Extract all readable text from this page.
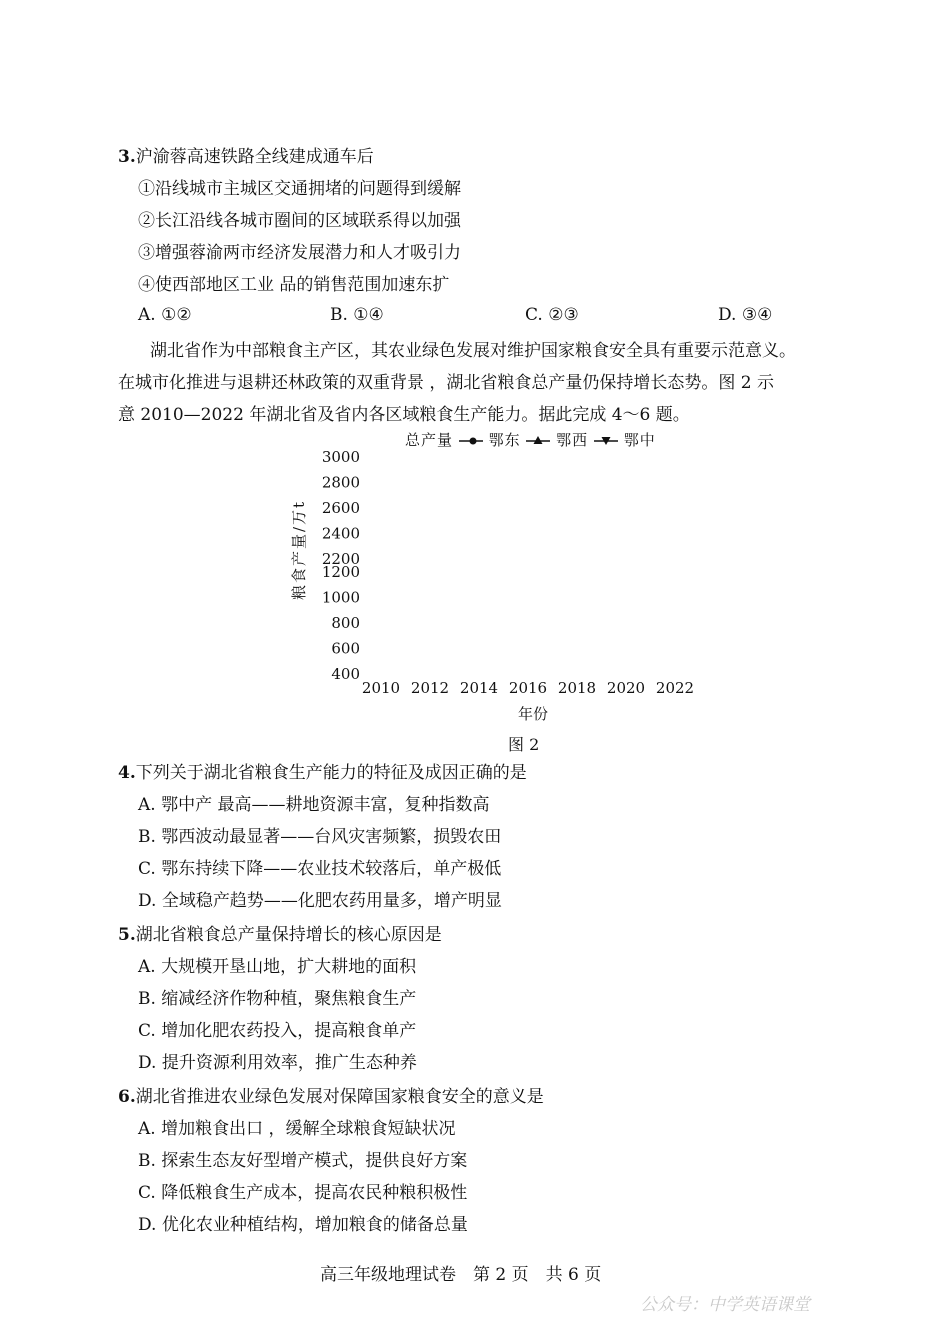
3.沪渝蓉高速铁路全线建成通车后
①沿线城市主城区交通拥堵的问题得到缓解
②长江沿线各城市圈间的区域联系得以加强
③增强蓉渝两市经济发展潜力和人才吸引力
④使西部地区工业 品的销售范围加速东扩
A. ①②	B. ①④	C. ②③	D. ③④
湖北省作为中部粮食主产区，其农业绿色发展对维护国家粮食安全具有重要示范意义。
在城市化推进与退耕还林政策的双重背景 ，湖北省粮食总产量仍保持增长态势。图 2 示
意 2010—2022 年湖北省及省内各区域粮食生产能力。据此完成 4～6 题。
总产量 鄂东 鄂西 鄂中
3000
2800
2600
2400
2200
1200
1000
800
600
400
2010 2012 2014 2016 2018 2020 2022
年份
粮食产量/万t
图 2
4.下列关于湖北省粮食生产能力的特征及成因正确的是
A. 鄂中产 最高——耕地资源丰富，复种指数高
B. 鄂西波动最显著——台风灾害频繁，损毁农田
C. 鄂东持续下降——农业技术较落后，单产极低
D. 全域稳产趋势——化肥农药用量多，增产明显
5.湖北省粮食总产量保持增长的核心原因是
A. 大规模开垦山地，扩大耕地的面积
B. 缩减经济作物种植，聚焦粮食生产
C. 增加化肥农药投入，提高粮食单产
D. 提升资源利用效率，推广生态种养
6.湖北省推进农业绿色发展对保障国家粮食安全的意义是
A. 增加粮食出口 ，缓解全球粮食短缺状况
B. 探索生态友好型增产模式，提供良好方案
C. 降低粮食生产成本，提高农民种粮积极性
D. 优化农业种植结构，增加粮食的储备总量
高三年级地理试卷　第 2 页　共 6 页
公众号：中学英语课堂
